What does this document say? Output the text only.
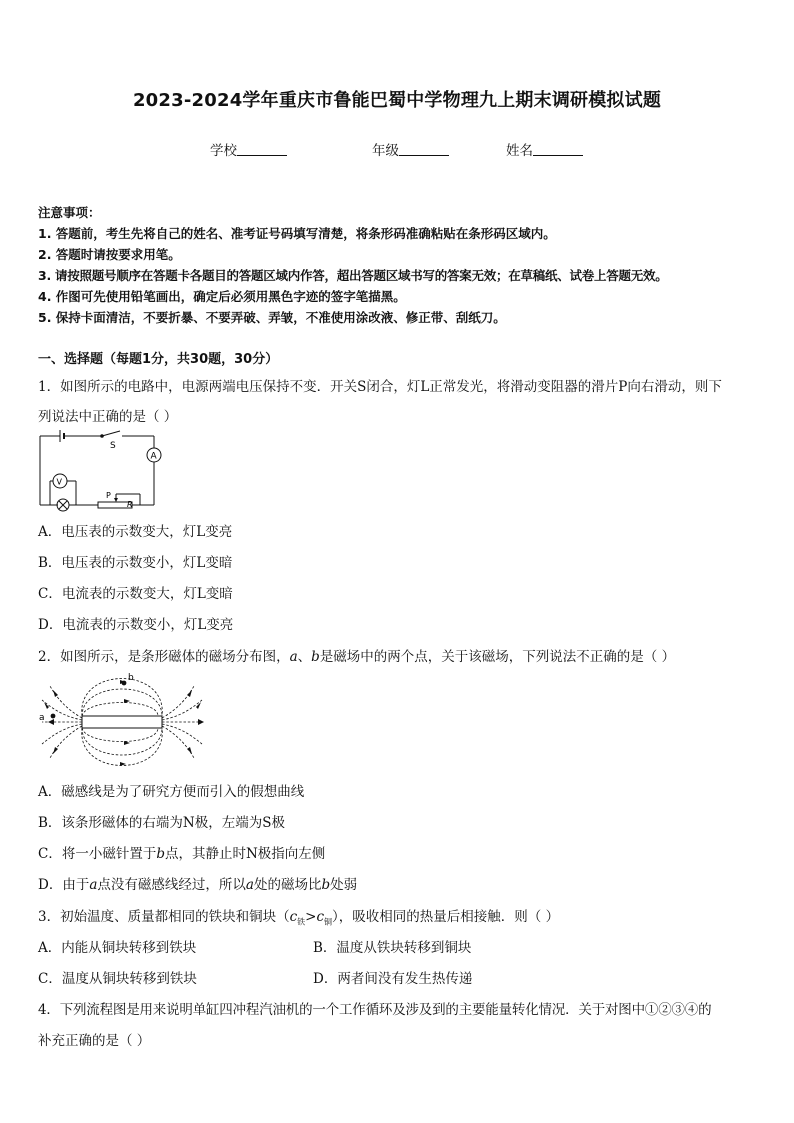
2023-2024学年重庆市鲁能巴蜀中学物理九上期末调研模拟试题
学校	年级	姓名
注意事项：
1. 答题前，考生先将自己的姓名、准考证号码填写清楚，将条形码准确粘贴在条形码区域内。
2. 答题时请按要求用笔。
3. 请按照题号顺序在答题卡各题目的答题区域内作答，超出答题区域书写的答案无效；在草稿纸、试卷上答题无效。
4. 作图可先使用铅笔画出，确定后必须用黑色字迹的签字笔描黑。
5. 保持卡面清洁，不要折暴、不要弄破、弄皱，不准使用涂改液、修正带、刮纸刀。
一、选择题（每题1分，共30题，30分）
1．如图所示的电路中，电源两端电压保持不变．开关S闭合，灯L正常发光，将滑动变阻器的滑片P向右滑动，则下
列说法中正确的是（ ）
S
A
V
P
R
A．电压表的示数变大，灯L变亮
B．电压表的示数变小，灯L变暗
C．电流表的示数变大，灯L变暗
D．电流表的示数变小，灯L变亮
2．如图所示，是条形磁体的磁场分布图，a、b是磁场中的两个点，关于该磁场，下列说法不正确的是（ ）
a
b
A．磁感线是为了研究方便而引入的假想曲线
B．该条形磁体的右端为N极，左端为S极
C．将一小磁针置于b点，其静止时N极指向左侧
D．由于a点没有磁感线经过，所以a处的磁场比b处弱
3．初始温度、质量都相同的铁块和铜块$(c_铁>c_铜)$，吸收相同的热量后相接触．则（ ）
A．内能从铜块转移到铁块	B．温度从铁块转移到铜块
C．温度从铜块转移到铁块	D．两者间没有发生热传递
4．下列流程图是用来说明单缸四冲程汽油机的一个工作循环及涉及到的主要能量转化情况．关于对图中①②③④的
补充正确的是（ ）
